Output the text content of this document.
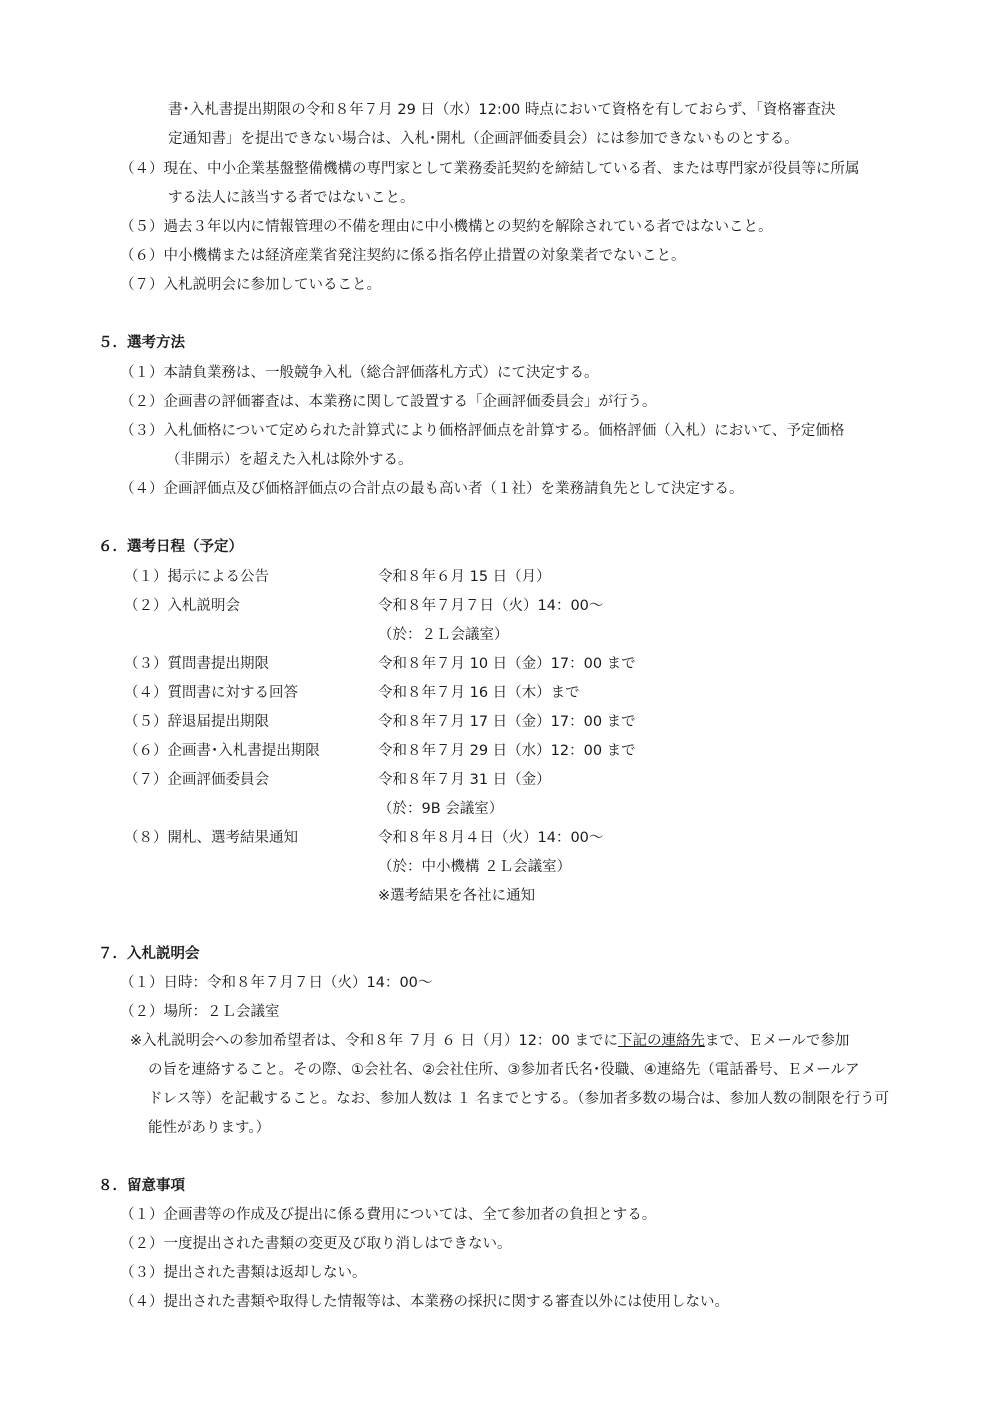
書･入札書提出期限の令和８年７月 29 日（水）12:00 時点において資格を有しておらず、「資格審査決
定通知書」を提出できない場合は、入札･開札（企画評価委員会）には参加できないものとする。
（４）現在、中小企業基盤整備機構の専門家として業務委託契約を締結している者、または専門家が役員等に所属
する法人に該当する者ではないこと。
（５）過去３年以内に情報管理の不備を理由に中小機構との契約を解除されている者ではないこと。
（６）中小機構または経済産業省発注契約に係る指名停止措置の対象業者でないこと。
（７）入札説明会に参加していること。
５．選考方法
（１）本請負業務は、一般競争入札（総合評価落札方式）にて決定する。
（２）企画書の評価審査は、本業務に関して設置する「企画評価委員会」が行う。
（３）入札価格について定められた計算式により価格評価点を計算する。価格評価（入札）において、予定価格
（非開示）を超えた入札は除外する。
（４）企画評価点及び価格評価点の合計点の最も高い者（１社）を業務請負先として決定する。
６．選考日程（予定）
（１）掲示による公告	令和８年６月 15 日（月）
（２）入札説明会	令和８年７月７日（火）14：00～
（於：２Ｌ会議室）
（３）質問書提出期限	令和８年７月 10 日（金）17：00 まで
（４）質問書に対する回答	令和８年７月 16 日（木）まで
（５）辞退届提出期限	令和８年７月 17 日（金）17：00 まで
（６）企画書･入札書提出期限	令和８年７月 29 日（水）12：00 まで
（７）企画評価委員会	令和８年７月 31 日（金）
（於：9B 会議室）
（８）開札、選考結果通知	令和８年８月４日（火）14：00～
（於：中小機構 ２Ｌ会議室）
※選考結果を各社に通知
７．入札説明会
（１）日時：令和８年７月７日（火）14：00～
（２）場所：２Ｌ会議室
※入札説明会への参加希望者は、令和８年 ７月 ６ 日（月）12：00 までに下記の連絡先まで、Ｅメールで参加
の旨を連絡すること。その際、①会社名、②会社住所、③参加者氏名･役職、④連絡先（電話番号、Ｅメールア
ドレス等）を記載すること。なお、参加人数は １ 名までとする。（参加者多数の場合は、参加人数の制限を行う可
能性があります。）
８．留意事項
（１）企画書等の作成及び提出に係る費用については、全て参加者の負担とする。
（２）一度提出された書類の変更及び取り消しはできない。
（３）提出された書類は返却しない。
（４）提出された書類や取得した情報等は、本業務の採択に関する審査以外には使用しない。
